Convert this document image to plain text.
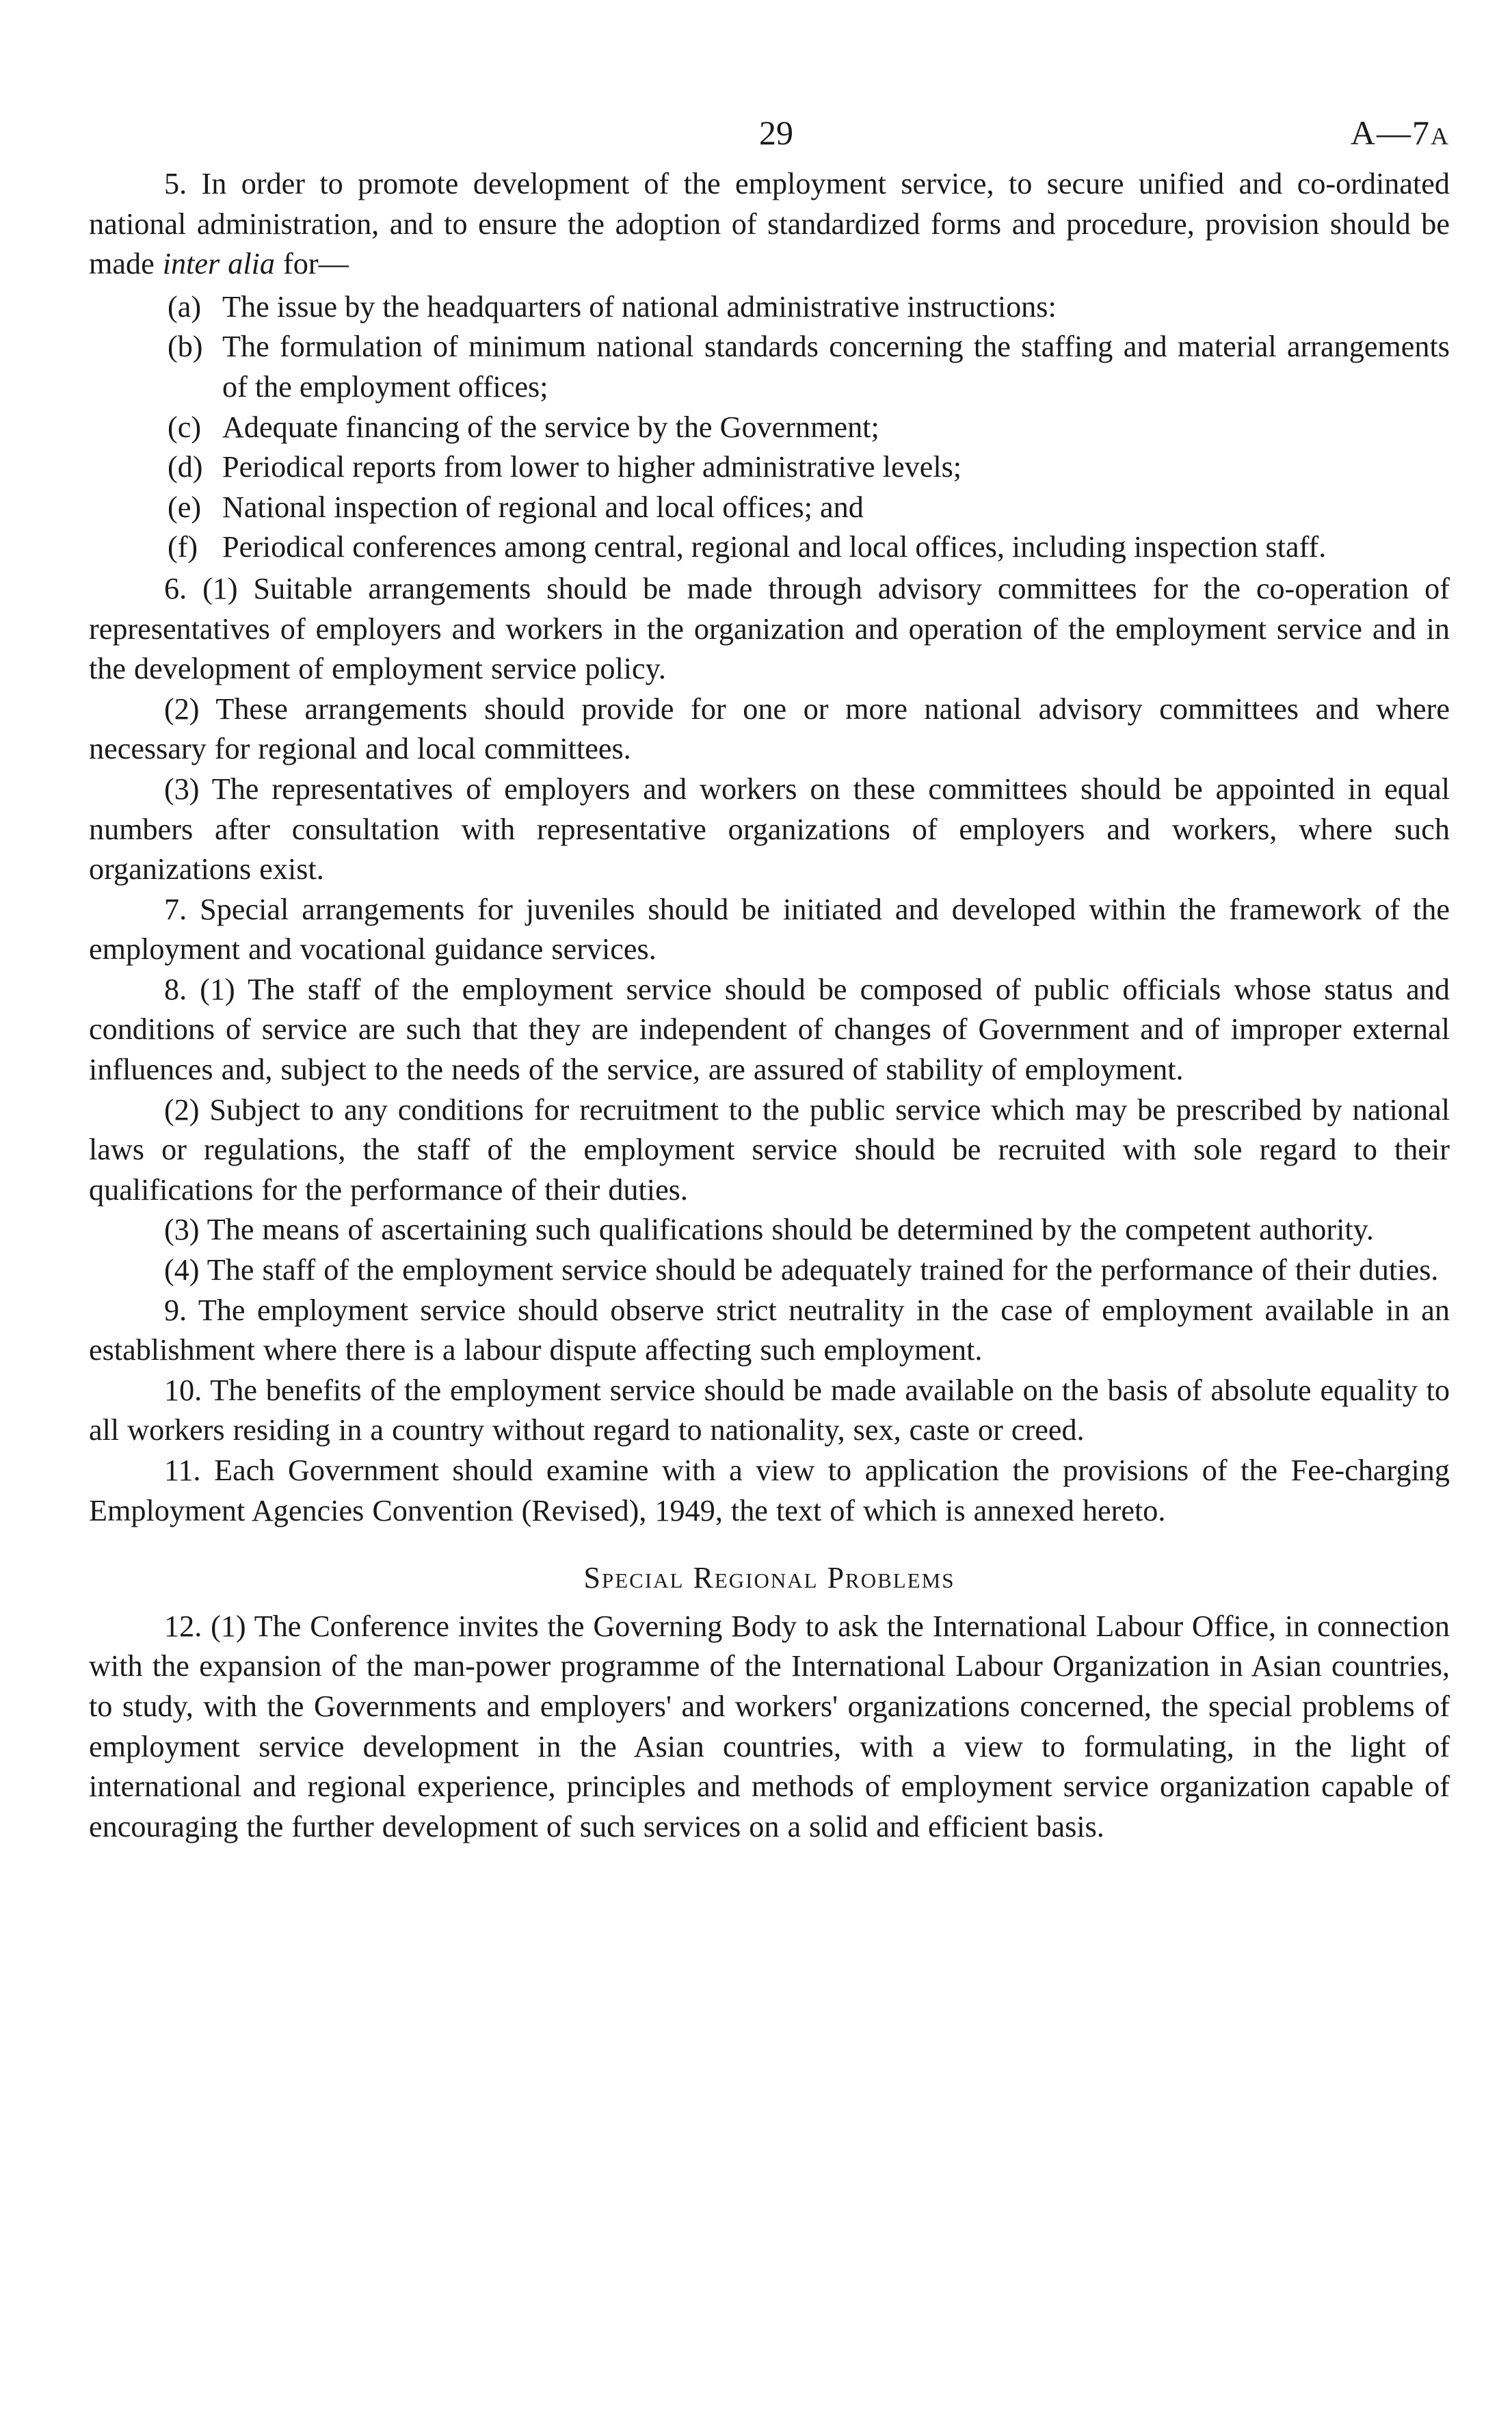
29	A—7A

5. In order to promote development of the employment service, to secure unified and co-ordinated national administration, and to ensure the adoption of standardized forms and procedure, provision should be made inter alia for—

(a) The issue by the headquarters of national administrative instructions:
(b) The formulation of minimum national standards concerning the staffing and material arrangements of the employment offices;
(c) Adequate financing of the service by the Government;
(d) Periodical reports from lower to higher administrative levels;
(e) National inspection of regional and local offices; and
(f) Periodical conferences among central, regional and local offices, including inspection staff.

6. (1) Suitable arrangements should be made through advisory committees for the co-operation of representatives of employers and workers in the organization and operation of the employment service and in the development of employment service policy.

(2) These arrangements should provide for one or more national advisory committees and where necessary for regional and local committees.

(3) The representatives of employers and workers on these committees should be appointed in equal numbers after consultation with representative organizations of employers and workers, where such organizations exist.

7. Special arrangements for juveniles should be initiated and developed within the framework of the employment and vocational guidance services.

8. (1) The staff of the employment service should be composed of public officials whose status and conditions of service are such that they are independent of changes of Government and of improper external influences and, subject to the needs of the service, are assured of stability of employment.

(2) Subject to any conditions for recruitment to the public service which may be prescribed by national laws or regulations, the staff of the employment service should be recruited with sole regard to their qualifications for the performance of their duties.

(3) The means of ascertaining such qualifications should be determined by the competent authority.

(4) The staff of the employment service should be adequately trained for the performance of their duties.

9. The employment service should observe strict neutrality in the case of employment available in an establishment where there is a labour dispute affecting such employment.

10. The benefits of the employment service should be made available on the basis of absolute equality to all workers residing in a country without regard to nationality, sex, caste or creed.

11. Each Government should examine with a view to application the provisions of the Fee-charging Employment Agencies Convention (Revised), 1949, the text of which is annexed hereto.

Special Regional Problems

12. (1) The Conference invites the Governing Body to ask the International Labour Office, in connection with the expansion of the man-power programme of the International Labour Organization in Asian countries, to study, with the Governments and employers' and workers' organizations concerned, the special problems of employment service development in the Asian countries, with a view to formulating, in the light of international and regional experience, principles and methods of employment service organization capable of encouraging the further development of such services on a solid and efficient basis.
